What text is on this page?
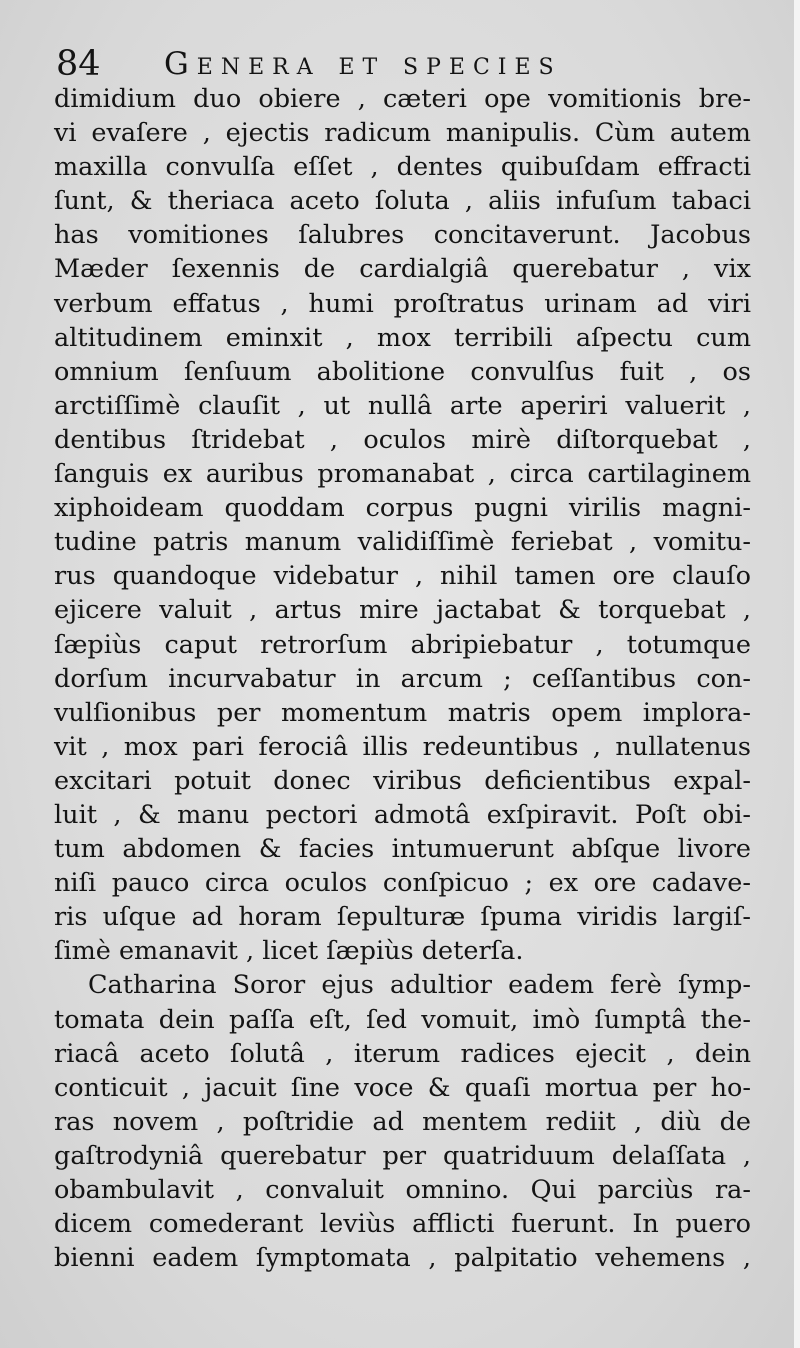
84 Genera et species

dimidium duo obiere , cæteri ope vomitionis bre-

vi evaſere , ejectis radicum manipulis. Cùm autem

maxilla convulſa eſſet , dentes quibuſdam effracti

ſunt, & theriaca aceto ſoluta , aliis infuſum tabaci

has vomitiones ſalubres concitaverunt. Jacobus

Mæder ſexennis de cardialgiâ querebatur , vix

verbum effatus , humi proſtratus urinam ad viri

altitudinem eminxit , mox terribili aſpectu cum

omnium ſenſuum abolitione convulſus fuit , os

arctiſſimè clauſit , ut nullâ arte aperiri valuerit ,

dentibus ſtridebat , oculos mirè diſtorquebat ,

ſanguis ex auribus promanabat , circa cartilaginem

xiphoideam quoddam corpus pugni virilis magni-

tudine patris manum validiſſimè feriebat , vomitu-

rus quandoque videbatur , nihil tamen ore clauſo

ejicere valuit , artus mire jactabat & torquebat ,

ſæpiùs caput retrorſum abripiebatur , totumque

dorſum incurvabatur in arcum ; ceſſantibus con-

vulſionibus per momentum matris opem implora-

vit , mox pari ferociâ illis redeuntibus , nullatenus

excitari potuit donec viribus deficientibus expal-

luit , & manu pectori admotâ exſpiravit. Poſt obi-

tum abdomen & facies intumuerunt abſque livore

niſi pauco circa oculos conſpicuo ; ex ore cadave-

ris uſque ad horam ſepulturæ ſpuma viridis largiſ-

ſimè emanavit , licet ſæpiùs deterſa.

Catharina Soror ejus adultior eadem ferè ſymp-

tomata dein paſſa eſt, ſed vomuit, imò ſumptâ the-

riacâ aceto ſolutâ , iterum radices ejecit , dein

conticuit , jacuit ſine voce & quaſi mortua per ho-

ras novem , poſtridie ad mentem rediit , diù de

gaſtrodyniâ querebatur per quatriduum delaſſata ,

obambulavit , convaluit omnino. Qui parciùs ra-

dicem comederant leviùs afflicti fuerunt. In puero

bienni eadem ſymptomata , palpitatio vehemens ,
